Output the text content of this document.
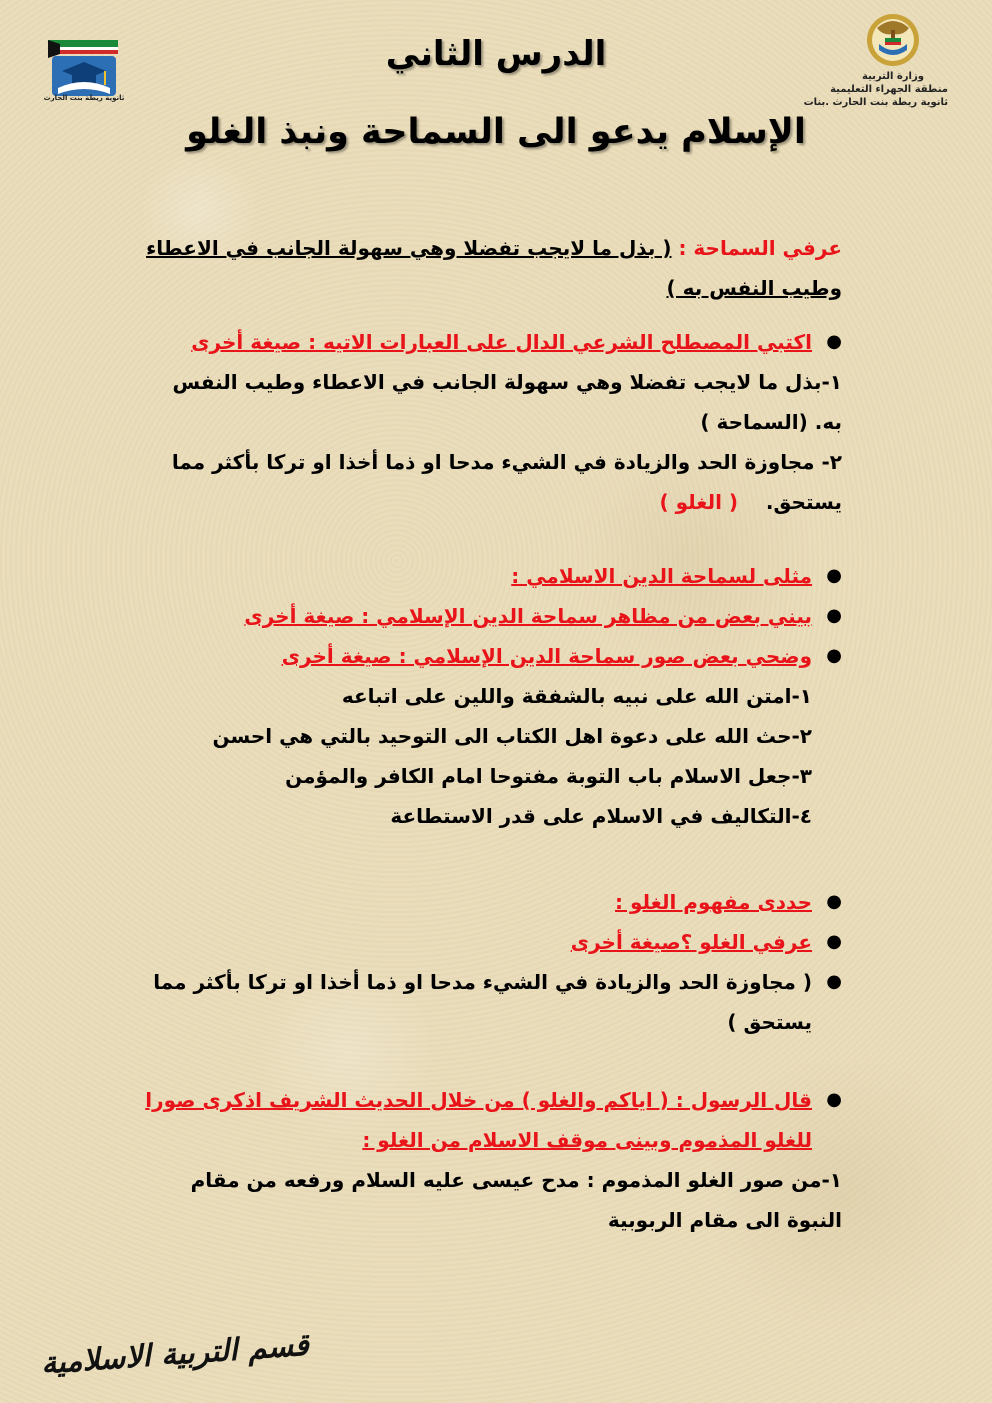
ثانوية ريطة بنت الحارث
وزارة التربية
منطقة الجهراء التعليمية
ثانوية ريطة بنت الحارث .بنات
الدرس الثاني
الإسلام يدعو الى السماحة ونبذ الغلو

عرفي السماحة : ( بذل ما لايجب تفضلا وهي سهولة الجانب في الاعطاء وطيب النفس به )

●
اكتبي المصطلح الشرعي الدال على العبارات الاتيه : صيغة أخرى

١-بذل ما لايجب تفضلا وهي سهولة الجانب في الاعطاء وطيب النفس به. (السماحة )

٢- مجاوزة الحد والزيادة في الشيء مدحا او ذما أخذا او تركا بأكثر مما يستحق.    ( الغلو )

●
مثلى لسماحة الدين الاسلامي :
●
بيني بعض من مظاهر سماحة الدين الإسلامي : صيغة أخرى
●
وضحي بعض صور سماحة الدين الإسلامي : صيغة أخرى

١-امتن الله على نبيه بالشفقة واللين على اتباعه

٢-حث الله على دعوة اهل الكتاب الى التوحيد بالتي هي احسن

٣-جعل الاسلام باب التوبة مفتوحا امام الكافر والمؤمن

٤-التكاليف في الاسلام على قدر الاستطاعة

●
حددى مفهوم الغلو :
●
عرفي الغلو ؟صيغة أخرى
●
( مجاوزة الحد والزيادة في الشيء مدحا او ذما أخذا او تركا بأكثر مما يستحق )
●
قال الرسول : ( اياكم والغلو ) من خلال الحديث الشريف اذكرى صورا للغلو المذموم وبينى موقف الاسلام من الغلو :

١-من صور الغلو المذموم : مدح عيسى عليه السلام ورفعه من مقام النبوة الى مقام الربوبية

قسم التربية الاسلامية
